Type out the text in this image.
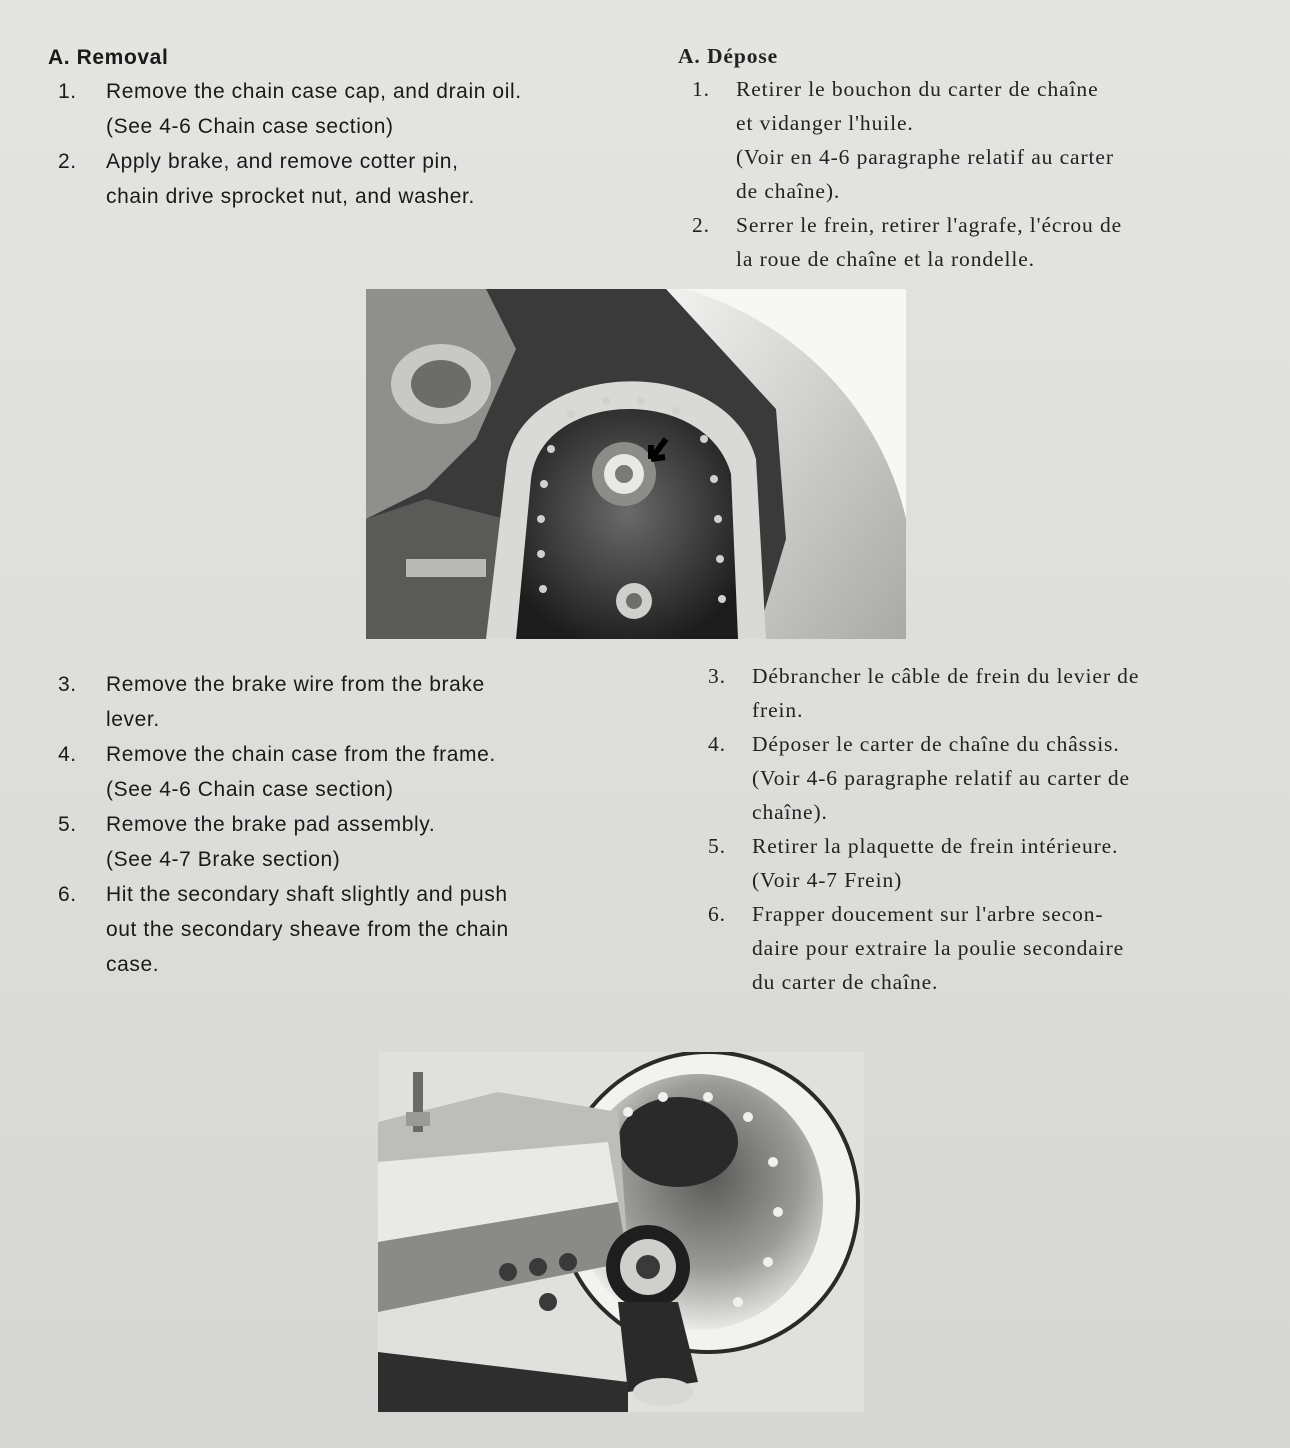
A. Removal
1. Remove the chain case cap, and drain oil.
(See 4-6 Chain case section)
2. Apply brake, and remove cotter pin,
chain drive sprocket nut, and washer.
A. Dépose
1. Retirer le bouchon du carter de chaîne
et vidanger l'huile.
(Voir en 4-6 paragraphe relatif au carter
de chaîne).
2. Serrer le frein, retirer l'agrafe, l'écrou de
la roue de chaîne et la rondelle.
3. Remove the brake wire from the brake
lever.
4. Remove the chain case from the frame.
(See 4-6 Chain case section)
5. Remove the brake pad assembly.
(See 4-7 Brake section)
6. Hit the secondary shaft slightly and push
out the secondary sheave from the chain
case.
3. Débrancher le câble de frein du levier de
frein.
4. Déposer le carter de chaîne du châssis.
(Voir 4-6 paragraphe relatif au carter de
chaîne).
5. Retirer la plaquette de frein intérieure.
(Voir 4-7 Frein)
6. Frapper doucement sur l'arbre secon-
daire pour extraire la poulie secondaire
du carter de chaîne.
